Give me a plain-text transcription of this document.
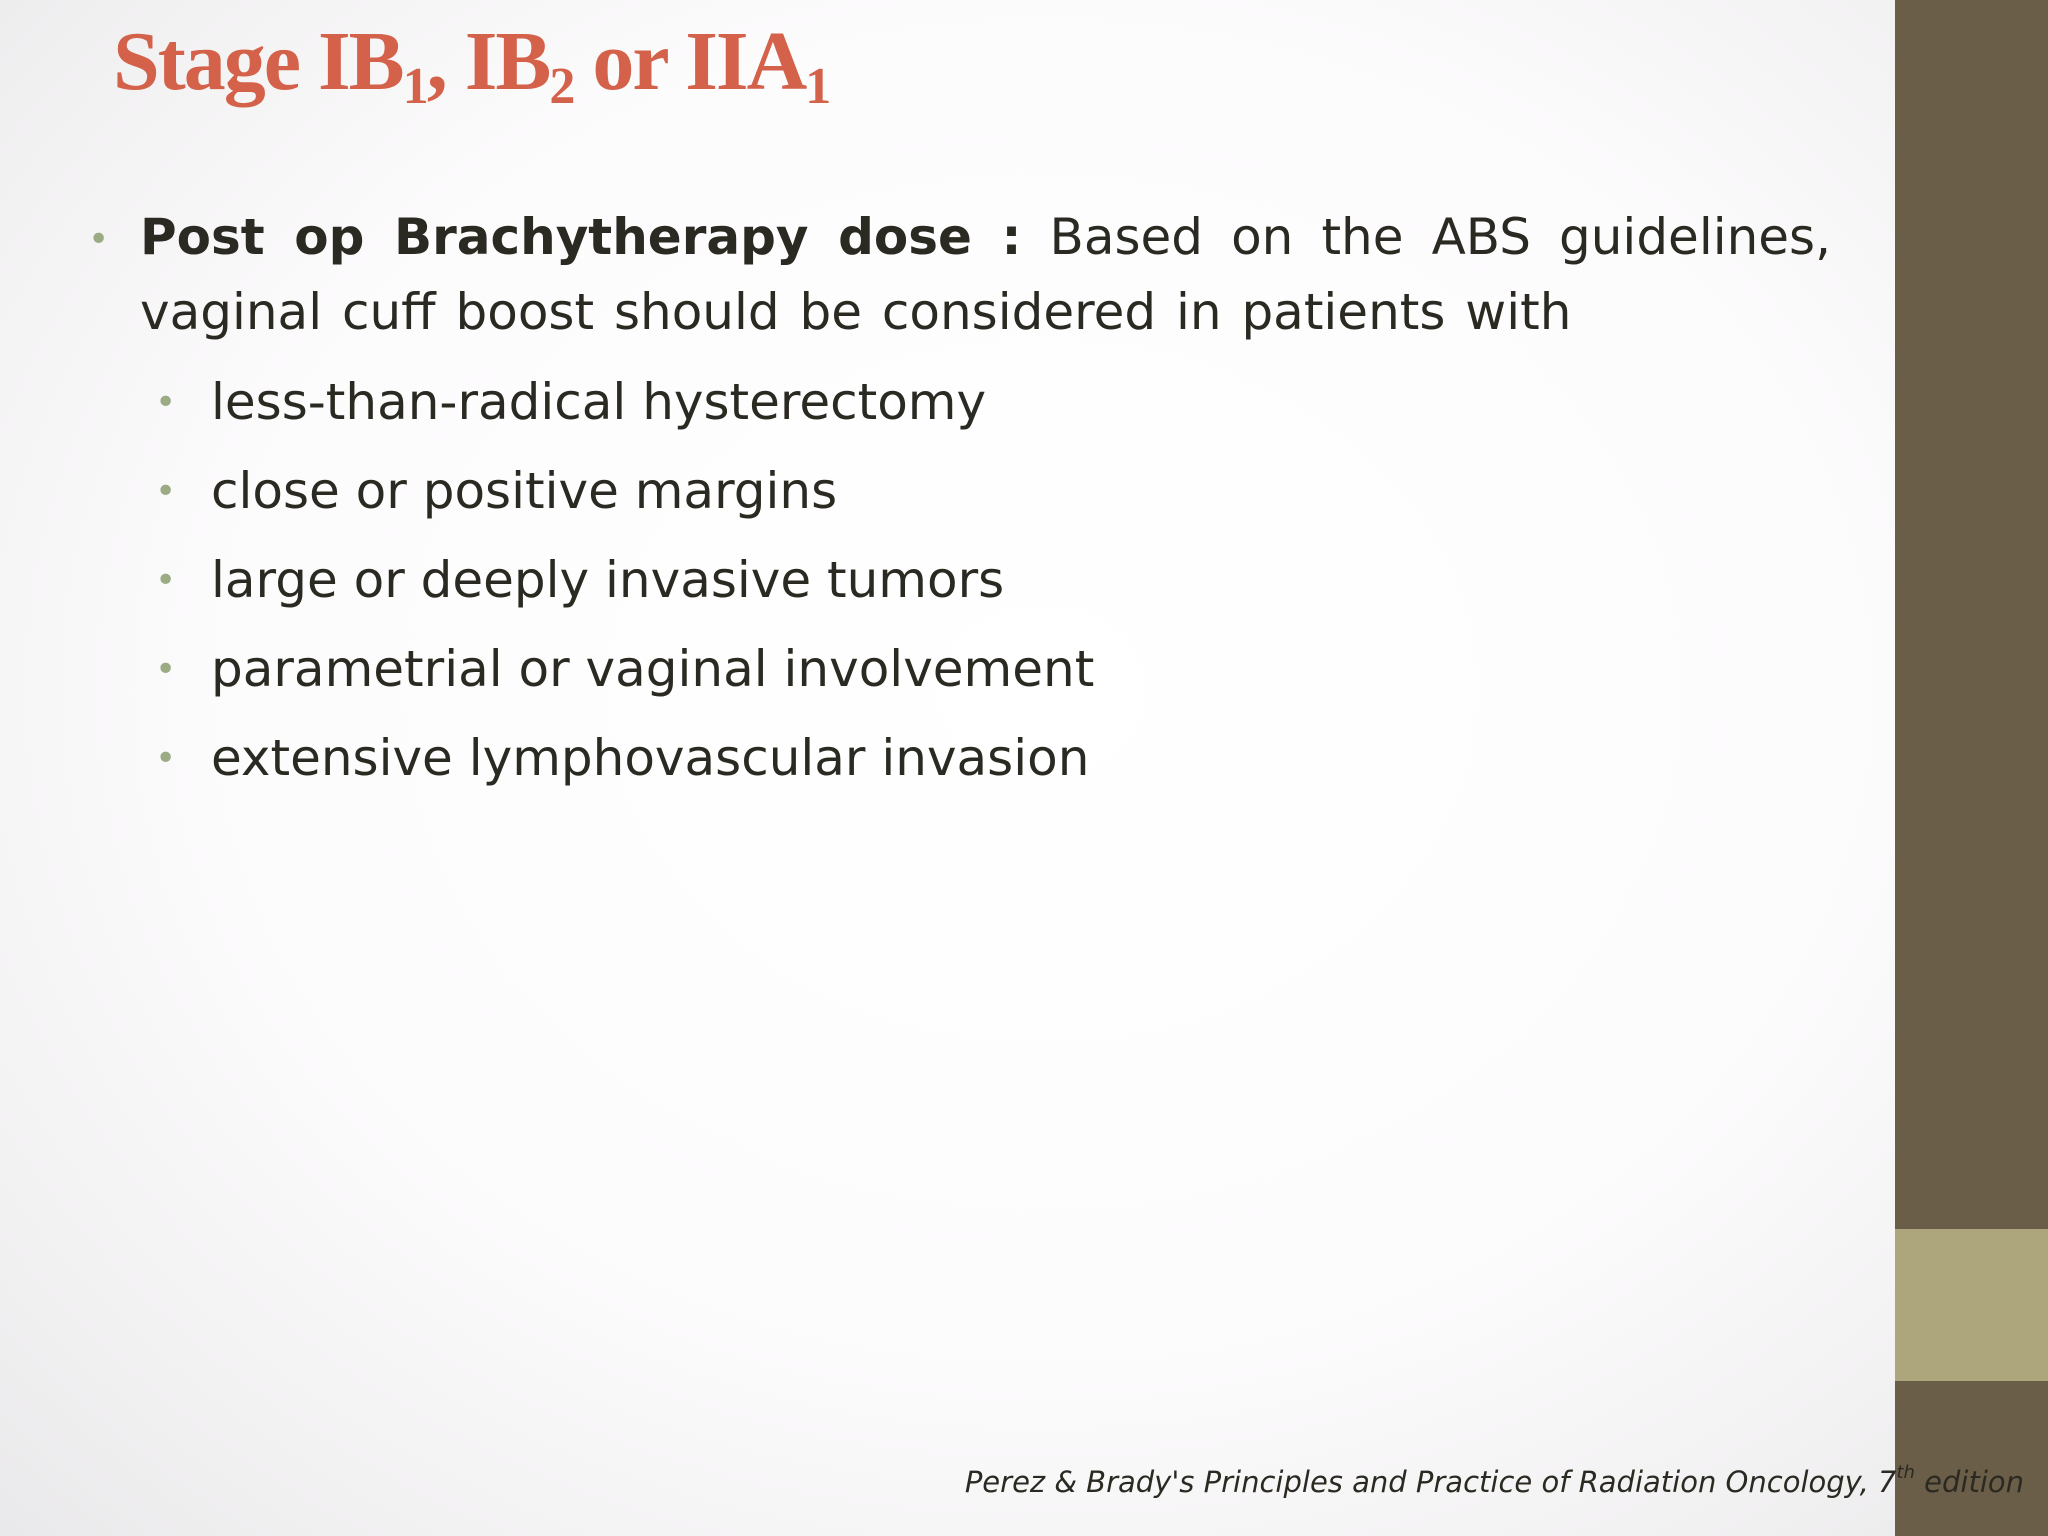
Stage $IB_1$, $IB_2$ or $IIA_1$
• Post op Brachytherapy dose : Based on the ABS guidelines, vaginal cuff boost should be considered in patients with
• less-than-radical hysterectomy
• close or positive margins
• large or deeply invasive tumors
• parametrial or vaginal involvement
• extensive lymphovascular invasion
Perez & Brady's Principles and Practice of Radiation Oncology, 7th edition
